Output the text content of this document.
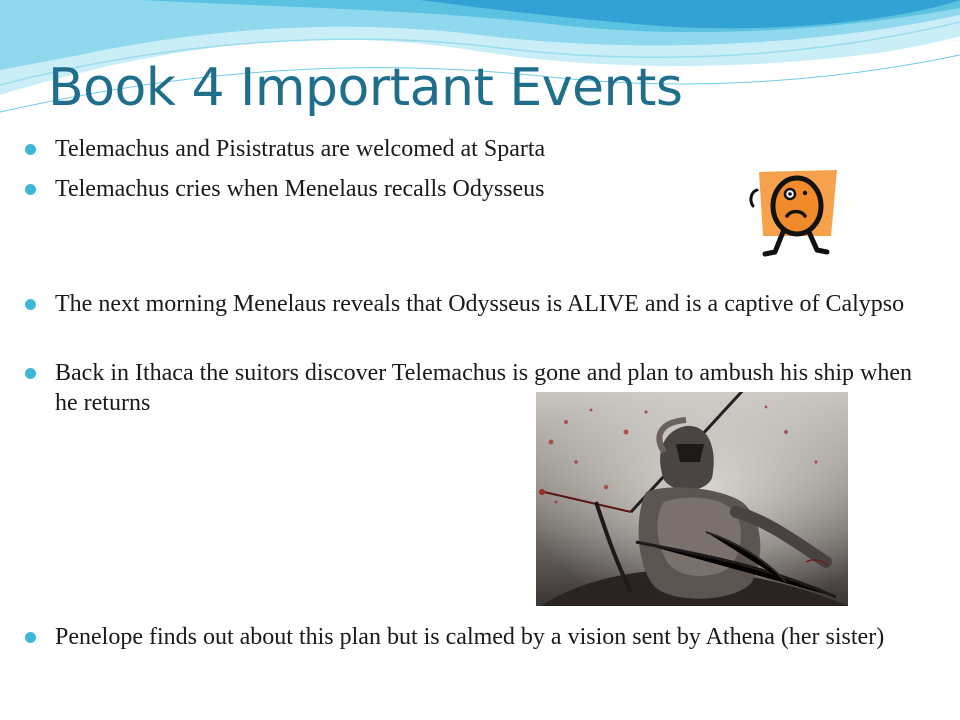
Book 4 Important Events
Telemachus and Pisistratus are welcomed at Sparta
Telemachus cries when Menelaus recalls Odysseus
The next morning Menelaus reveals that Odysseus is ALIVE and is a captive of Calypso
Back in Ithaca the suitors discover Telemachus is gone and plan to ambush his ship when he returns
Penelope finds out about this plan but is calmed by a vision sent by Athena (her sister)
